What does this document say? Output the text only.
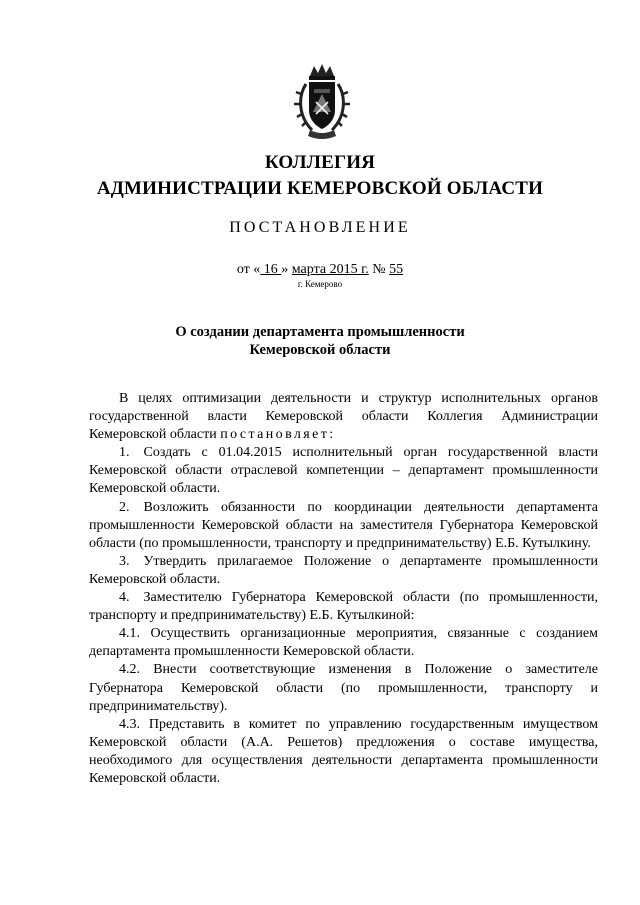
КОЛЛЕГИЯ
АДМИНИСТРАЦИИ КЕМЕРОВСКОЙ ОБЛАСТИ
ПОСТАНОВЛЕНИЕ
от « 16 » марта 2015 г. № 55
г. Кемерово
О создании департамента промышленности
Кемеровской области

В целях оптимизации деятельности и структур исполнительных органов государственной власти Кемеровской области Коллегия Администрации Кемеровской области постановляет:

1. Создать с 01.04.2015 исполнительный орган государственной власти Кемеровской области отраслевой компетенции – департамент промышленности Кемеровской области.

2. Возложить обязанности по координации деятельности департамента промышленности Кемеровской области на заместителя Губернатора Кемеровской области (по промышленности, транспорту и предпринимательству) Е.Б. Кутылкину.

3. Утвердить прилагаемое Положение о департаменте промышленности Кемеровской области.

4. Заместителю Губернатора Кемеровской области (по промышленности, транспорту и предпринимательству) Е.Б. Кутылкиной:

4.1. Осуществить организационные мероприятия, связанные с созданием департамента промышленности Кемеровской области.

4.2. Внести соответствующие изменения в Положение о заместителе Губернатора Кемеровской области (по промышленности, транспорту и предпринимательству).

4.3. Представить в комитет по управлению государственным имуществом Кемеровской области (А.А. Решетов) предложения о составе имущества, необходимого для осуществления деятельности департамента промышленности Кемеровской области.
